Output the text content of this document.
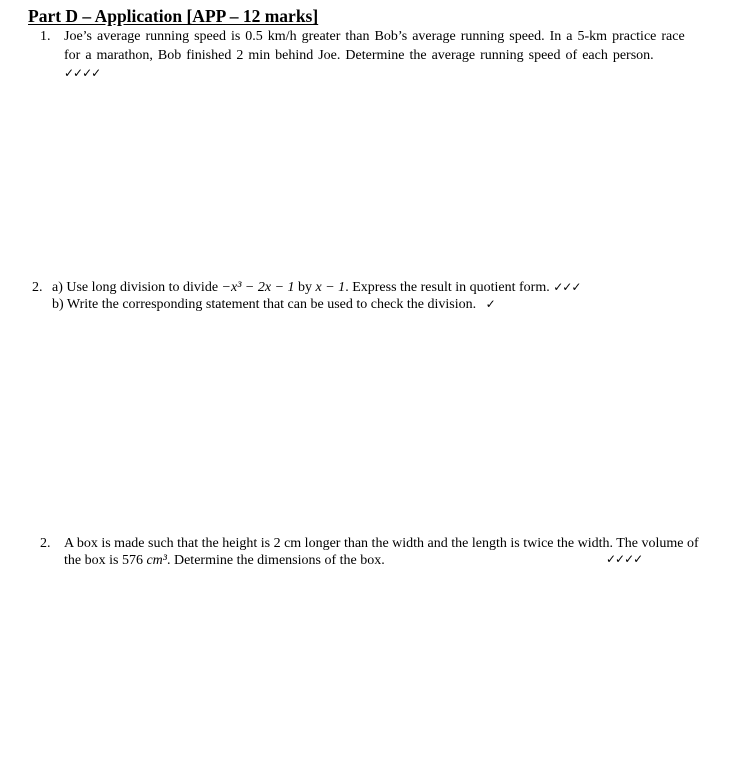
Part D – Application [APP – 12 marks]
1. Joe’s average running speed is 0.5 km/h greater than Bob’s average running speed. In a 5-km practice race
for a marathon, Bob finished 2 min behind Joe. Determine the average running speed of each person.
✓✓✓✓
2. a) Use long division to divide −x³ − 2x − 1 by x − 1. Express the result in quotient form. ✓✓✓
b) Write the corresponding statement that can be used to check the division. ✓
2. A box is made such that the height is 2 cm longer than the width and the length is twice the width. The volume of
the box is 576 cm³. Determine the dimensions of the box.	✓✓✓✓
